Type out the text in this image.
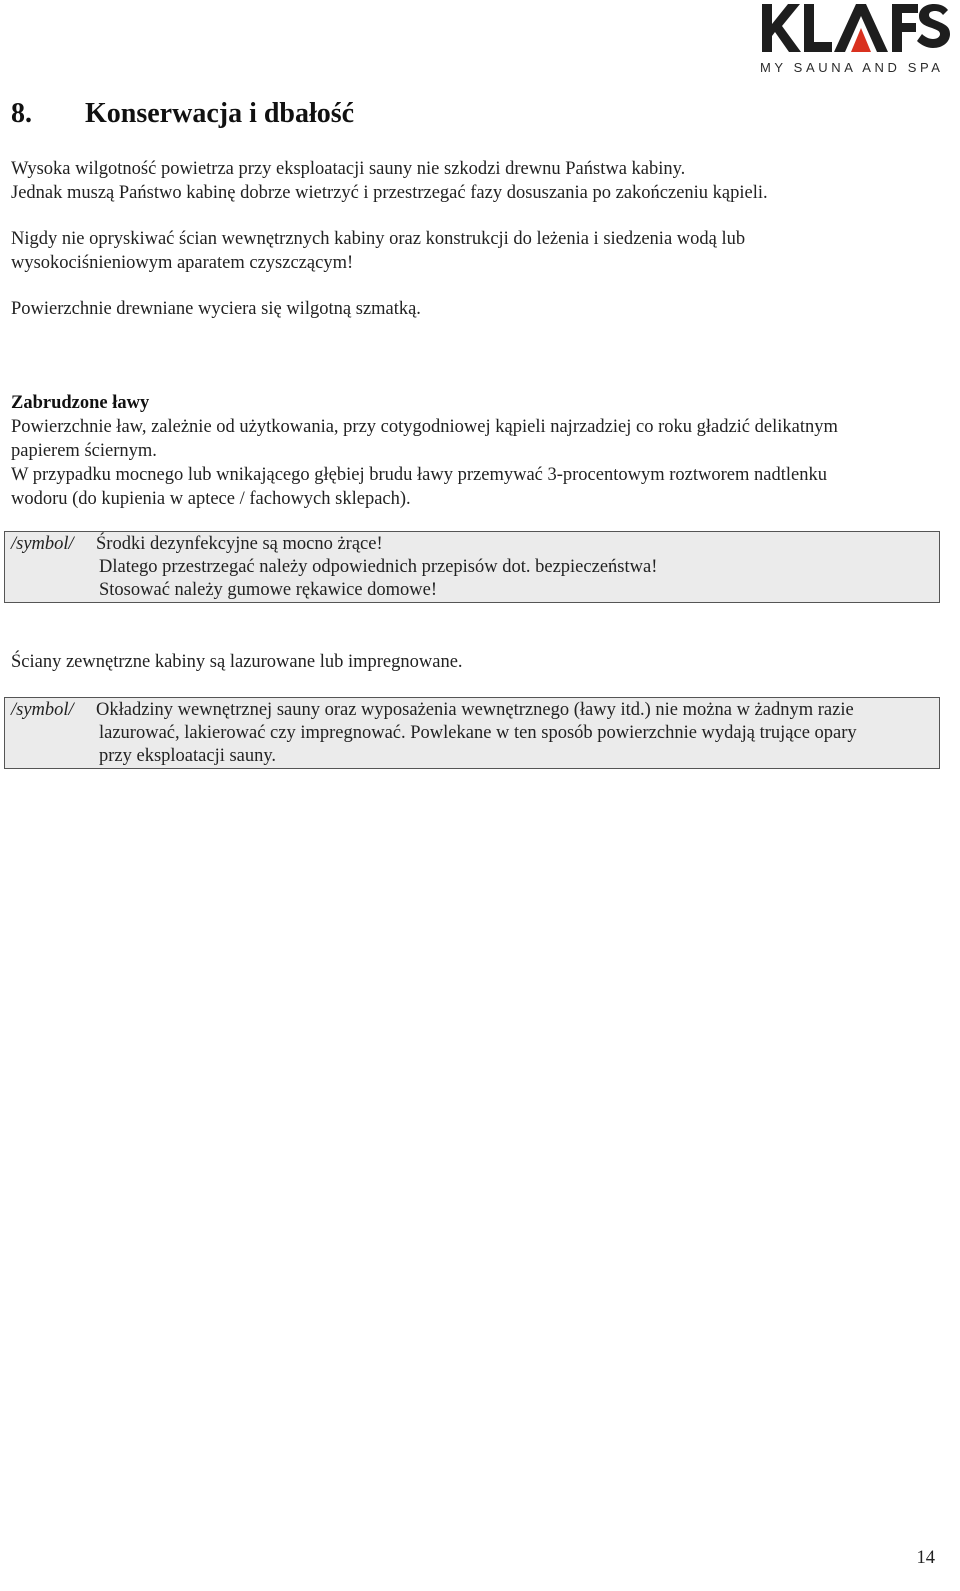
MY SAUNA AND SPA
8. Konserwacja i dbałość
Wysoka wilgotność powietrza przy eksploatacji sauny nie szkodzi drewnu Państwa kabiny.
Jednak muszą Państwo kabinę dobrze wietrzyć i przestrzegać fazy dosuszania po zakończeniu kąpieli.
Nigdy nie opryskiwać ścian wewnętrznych kabiny oraz konstrukcji do leżenia i siedzenia wodą lub
wysokociśnieniowym aparatem czyszczącym!
Powierzchnie drewniane wyciera się wilgotną szmatką.
Zabrudzone ławy
Powierzchnie ław, zależnie od użytkowania, przy cotygodniowej kąpieli najrzadziej co roku gładzić delikatnym
papierem ściernym.
W przypadku mocnego lub wnikającego głębiej brudu ławy przemywać 3-procentowym roztworem nadtlenku
wodoru (do kupienia w aptece / fachowych sklepach).
/symbol/ Środki dezynfekcyjne są mocno żrące!
Dlatego przestrzegać należy odpowiednich przepisów dot. bezpieczeństwa!
Stosować należy gumowe rękawice domowe!
Ściany zewnętrzne kabiny są lazurowane lub impregnowane.
/symbol/ Okładziny wewnętrznej sauny oraz wyposażenia wewnętrznego (ławy itd.) nie można w żadnym razie
lazurować, lakierować czy impregnować. Powlekane w ten sposób powierzchnie wydają trujące opary
przy eksploatacji sauny.
14
